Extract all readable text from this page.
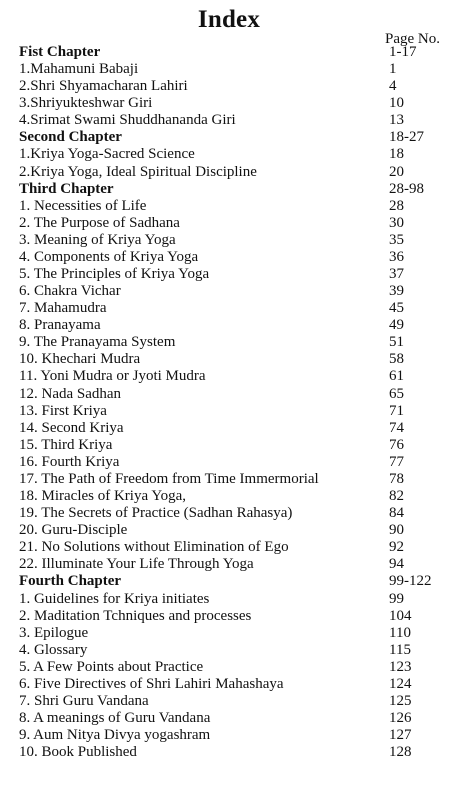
Index
Page No.
Fist Chapter	1-17
1.Mahamuni Babaji	1
2.Shri Shyamacharan Lahiri	4
3.Shriyukteshwar Giri	10
4.Srimat Swami Shuddhananda Giri	13
Second Chapter	18-27
1.Kriya Yoga-Sacred Science	18
2.Kriya Yoga, Ideal Spiritual Discipline	20
Third Chapter	28-98
1. Necessities of Life	28
2. The Purpose of Sadhana	30
3. Meaning of Kriya Yoga	35
4. Components of Kriya Yoga	36
5. The Principles of Kriya Yoga	37
6. Chakra Vichar	39
7. Mahamudra	45
8. Pranayama	49
9. The Pranayama System	51
10. Khechari Mudra	58
11. Yoni Mudra or Jyoti Mudra	61
12. Nada Sadhan	65
13. First Kriya	71
14. Second Kriya	74
15. Third Kriya	76
16. Fourth Kriya	77
17. The Path of Freedom from Time Immermorial	78
18. Miracles of Kriya Yoga,	82
19. The Secrets of Practice (Sadhan Rahasya)	84
20. Guru-Disciple	90
21. No Solutions without Elimination of Ego	92
22. Illuminate Your Life Through Yoga	94
Fourth Chapter	99-122
1. Guidelines for Kriya initiates	99
2. Maditation Tchniques and processes	104
3. Epilogue	110
4. Glossary	115
5. A Few Points about Practice	123
6. Five Directives of Shri Lahiri Mahashaya	124
7. Shri Guru Vandana	125
8. A meanings of Guru Vandana	126
9. Aum Nitya Divya yogashram	127
10. Book Published	128
